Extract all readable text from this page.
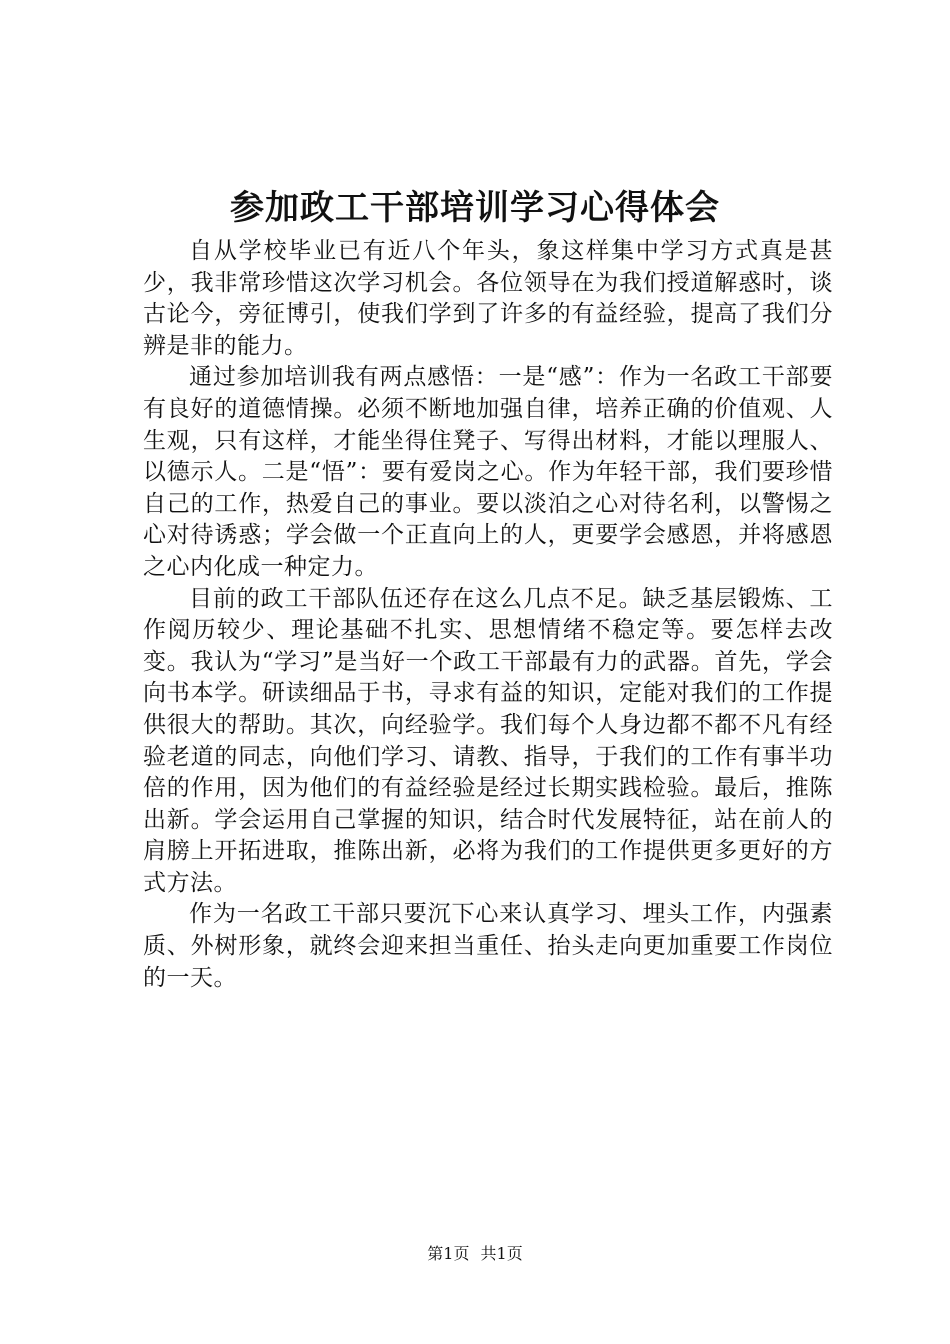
参加政工干部培训学习心得体会

自从学校毕业已有近八个年头，象这样集中学习方式真是甚少，我非常珍惜这次学习机会。各位领导在为我们授道解惑时，谈古论今，旁征博引，使我们学到了许多的有益经验，提高了我们分辨是非的能力。

通过参加培训我有两点感悟：一是“感”：作为一名政工干部要有良好的道德情操。必须不断地加强自律，培养正确的价值观、人生观，只有这样，才能坐得住凳子、写得出材料，才能以理服人、以德示人。二是“悟”：要有爱岗之心。作为年轻干部，我们要珍惜自己的工作，热爱自己的事业。要以淡泊之心对待名利，以警惕之心对待诱惑；学会做一个正直向上的人，更要学会感恩，并将感恩之心内化成一种定力。

目前的政工干部队伍还存在这么几点不足。缺乏基层锻炼、工作阅历较少、理论基础不扎实、思想情绪不稳定等。要怎样去改变。我认为“学习”是当好一个政工干部最有力的武器。首先，学会向书本学。研读细品于书，寻求有益的知识，定能对我们的工作提供很大的帮助。其次，向经验学。我们每个人身边都不都不凡有经验老道的同志，向他们学习、请教、指导，于我们的工作有事半功倍的作用，因为他们的有益经验是经过长期实践检验。最后，推陈出新。学会运用自己掌握的知识，结合时代发展特征，站在前人的肩膀上开拓进取，推陈出新，必将为我们的工作提供更多更好的方式方法。

作为一名政工干部只要沉下心来认真学习、埋头工作，内强素质、外树形象，就终会迎来担当重任、抬头走向更加重要工作岗位的一天。

第1页 共1页
